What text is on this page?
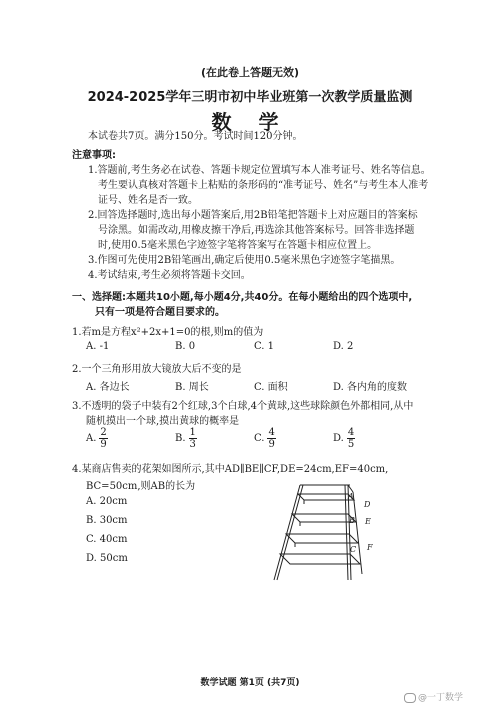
(在此卷上答题无效)
2024-2025学年三明市初中毕业班第一次教学质量监测
数 学
本试卷共7页。满分150分。考试时间120分钟。
注意事项:
1.答题前,考生务必在试卷、答题卡规定位置填写本人准考证号、姓名等信息。
考生要认真核对答题卡上粘贴的条形码的“准考证号、姓名”与考生本人准考
证号、姓名是否一致。
2.回答选择题时,选出每小题答案后,用2B铅笔把答题卡上对应题目的答案标
号涂黑。如需改动,用橡皮擦干净后,再选涂其他答案标号。回答非选择题
时,使用0.5毫米黑色字迹签字笔将答案写在答题卡相应位置上。
3.作图可先使用2B铅笔画出,确定后使用0.5毫米黑色字迹签字笔描黑。
4.考试结束,考生必须将答题卡交回。
一、选择题:本题共10小题,每小题4分,共40分。在每小题给出的四个选项中,
只有一项是符合题目要求的。
1.若m是方程x²+2x+1=0的根,则m的值为
A. -1	B. 0	C. 1	D. 2
2.一个三角形用放大镜放大后不变的是
A. 各边长	B. 周长	C. 面积	D. 各内角的度数
3.不透明的袋子中装有2个红球,3个白球,4个黄球,这些球除颜色外都相同,从中
随机摸出一个球,摸出黄球的概率是
A. $\frac{2}{9}$	B. $\frac{1}{3}$	C. $\frac{4}{9}$	D. $\frac{4}{5}$
4.某商店售卖的花架如图所示,其中AD∥BE∥CF,DE=24cm,EF=40cm,
BC=50cm,则AB的长为
A. 20cm
B. 30cm
C. 40cm
D. 50cm
A
B
C
D
E
F
数学试题 第1页 (共7页)
@一丁数学
